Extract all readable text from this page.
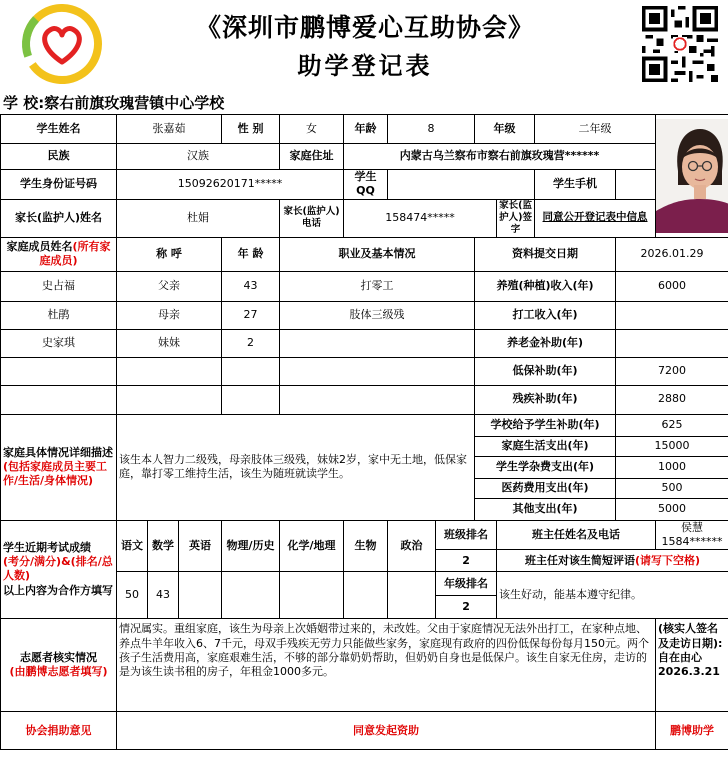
《深圳市鹏博爱心互助协会》
助学登记表
学 校:察右前旗玫瑰营镇中心学校
学生姓名	张嘉茹			性 别	女	年龄	8		年级		二年级	

民族	汉族				家庭住址	内蒙古乌兰察布市察右前旗玫瑰营******							
学生身份证号码	15092620171*****					学生QQ					学生手机		
家长(监护人)姓名	杜娟				家长(监护人)电话	158474*****				家长(监护人)签字	同意公开登记表中信息		
家庭成员姓名(所有家庭成员)	称 呼			年 龄	职业及基本情况				资料提交日期			2026.01.29	
史占福	父亲			43	打零工				养殖(种植)收入(年)			6000	
杜鹃	母亲			27	肢体三级残				打工收入(年)				
史家琪	妹妹			2					养老金补助(年)				
									低保补助(年)			7200	
									残疾补助(年)			2880	
家庭具体情况详细描述(包括家庭成员主要工作/生活/身体情况)	该生本人智力二级残，母亲肢体三级残，妹妹2岁，家中无土地，低保家庭，靠打零工维持生活，该生为随班就读学生。								学校给予学生补助(年)			625	
									家庭生活支出(年)			15000	
									学生学杂费支出(年)			1000	
									医药费用支出(年)			500	
									其他支出(年)			5000	
学生近期考试成绩
(考分/满分)&(排名/总人数)
以上内容为合作方填写	语文	数学	英语	物理/历史	化学/地理	生物	政治	班级排名		班主任姓名及电话			侯慧1584******
								2		班主任对该生简短评语(请写下空格)			
	50	43						年级排名		该生好动，能基本遵守纪律。			
								2					
志愿者核实情况
(由鹏博志愿者填写)	情况属实。重组家庭，该生为母亲上次婚姻带过来的，未改姓。父由于家庭情况无法外出打工，在家种点地、养点牛羊年收入6、7千元，母双手残疾无劳力只能做些家务，家庭现有政府的四份低保每份每月150元。两个孩子生活费用高，家庭艰难生活，不够的部分靠奶奶帮助，但奶奶自身也是低保户。该生自家无住房，走访的是为该生读书租的房子，年租金1000多元。												(核实人签名及走访日期):自在由心
2026.3.21
协会捐助意见	同意发起资助												鹏博助学
